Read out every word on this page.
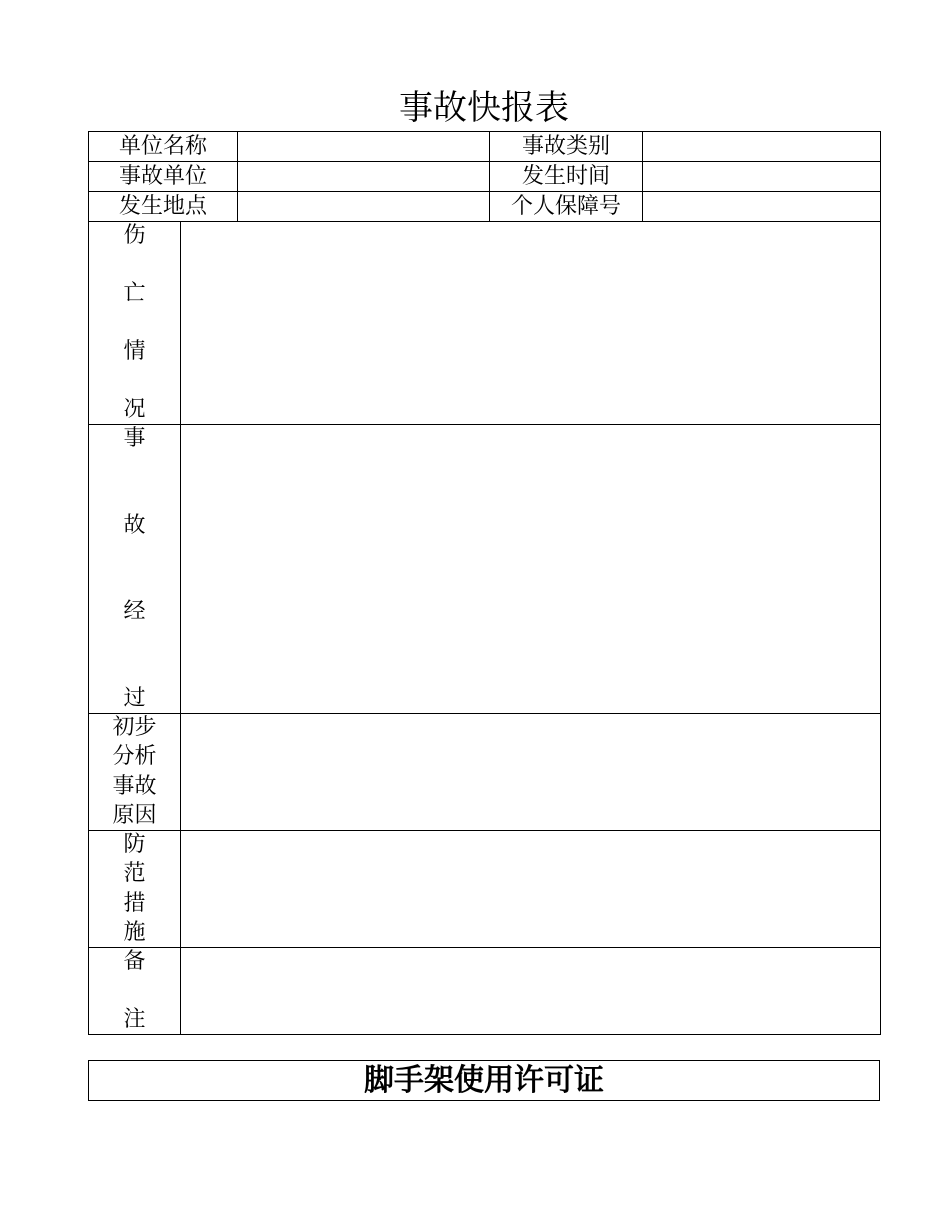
事故快报表
单位名称			事故类别	
事故单位			发生时间	
发生地点			个人保障号	

伤
亡
情
况				

事
故
经
过				

初步
分析
事故
原因				

防
范
措
施				

备
注				

脚手架使用许可证
